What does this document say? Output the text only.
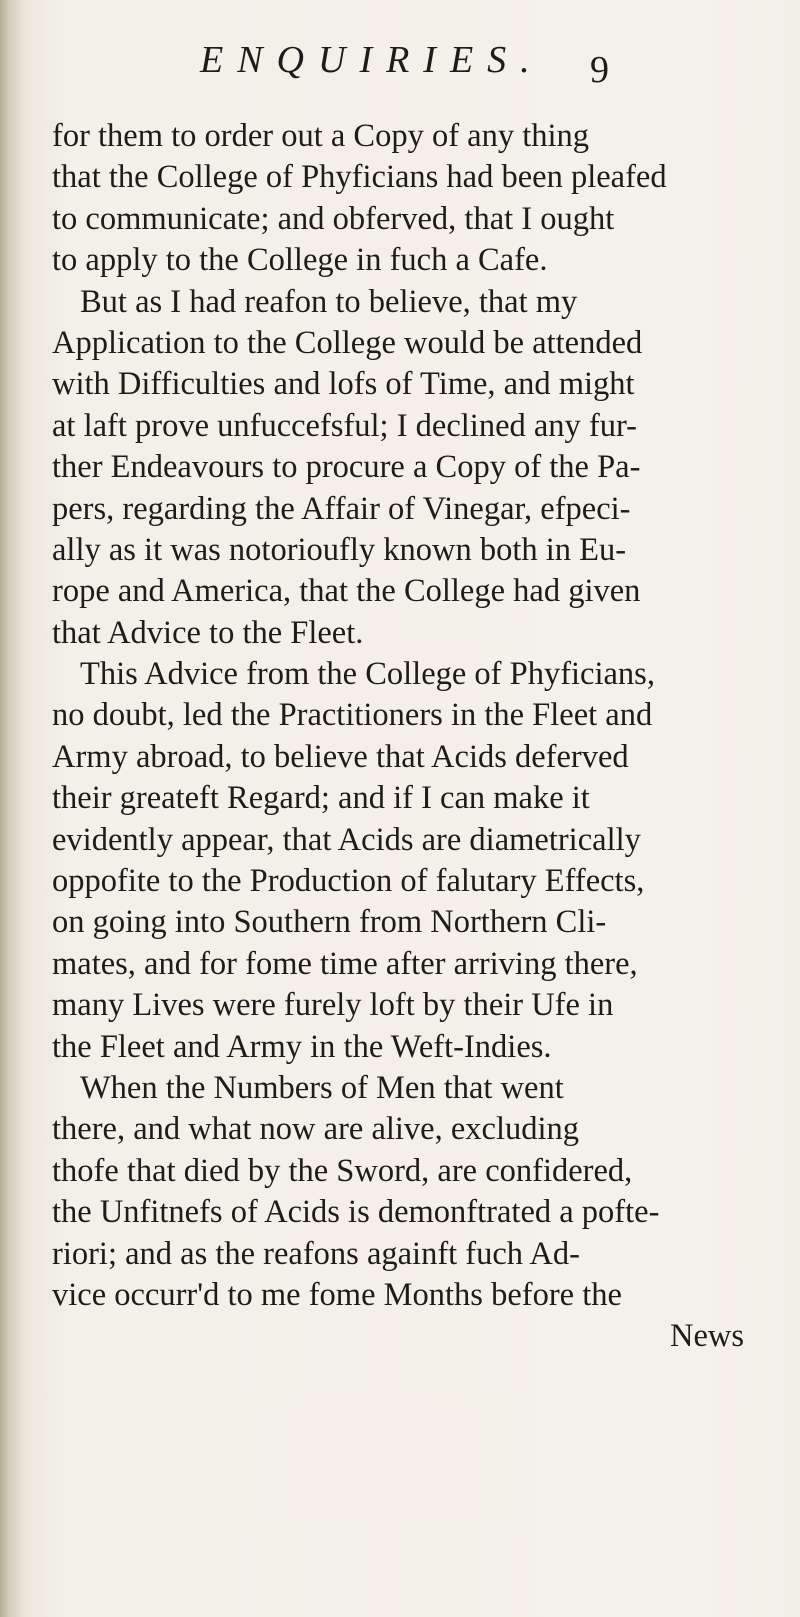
ENQUIRIES. 9
for them to order out a Copy of any thing
that the College of Phyficians had been pleafed
to communicate; and obferved, that I ought
to apply to the College in fuch a Cafe.
But as I had reafon to believe, that my
Application to the College would be attended
with Difficulties and lofs of Time, and might
at laft prove unfuccefsful; I declined any fur-
ther Endeavours to procure a Copy of the Pa-
pers, regarding the Affair of Vinegar, efpeci-
ally as it was notorioufly known both in Eu-
rope and America, that the College had given
that Advice to the Fleet.
This Advice from the College of Phyficians,
no doubt, led the Practitioners in the Fleet and
Army abroad, to believe that Acids deferved
their greateft Regard; and if I can make it
evidently appear, that Acids are diametrically
oppofite to the Production of falutary Effects,
on going into Southern from Northern Cli-
mates, and for fome time after arriving there,
many Lives were furely loft by their Ufe in
the Fleet and Army in the Weft-Indies.
When the Numbers of Men that went
there, and what now are alive, excluding
thofe that died by the Sword, are confidered,
the Unfitnefs of Acids is demonftrated a pofte-
riori; and as the reafons againft fuch Ad-
vice occurr'd to me fome Months before the
News
